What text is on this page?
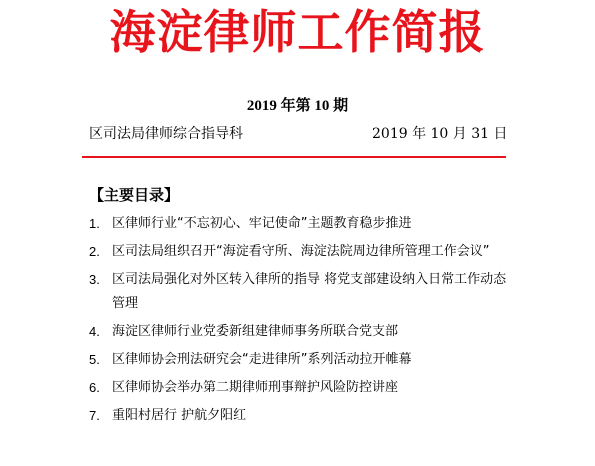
海淀律师工作简报
2019 年第 10 期
区司法局律师综合指导科	2019 年 10 月 31 日
【主要目录】
1. 区律师行业“不忘初心、牢记使命”主题教育稳步推进
2. 区司法局组织召开“海淀看守所、海淀法院周边律所管理工作会议”
3. 区司法局强化对外区转入律所的指导 将党支部建设纳入日常工作动态管理
4. 海淀区律师行业党委新组建律师事务所联合党支部
5. 区律师协会刑法研究会“走进律所”系列活动拉开帷幕
6. 区律师协会举办第二期律师刑事辩护风险防控讲座
7. 重阳村居行 护航夕阳红
